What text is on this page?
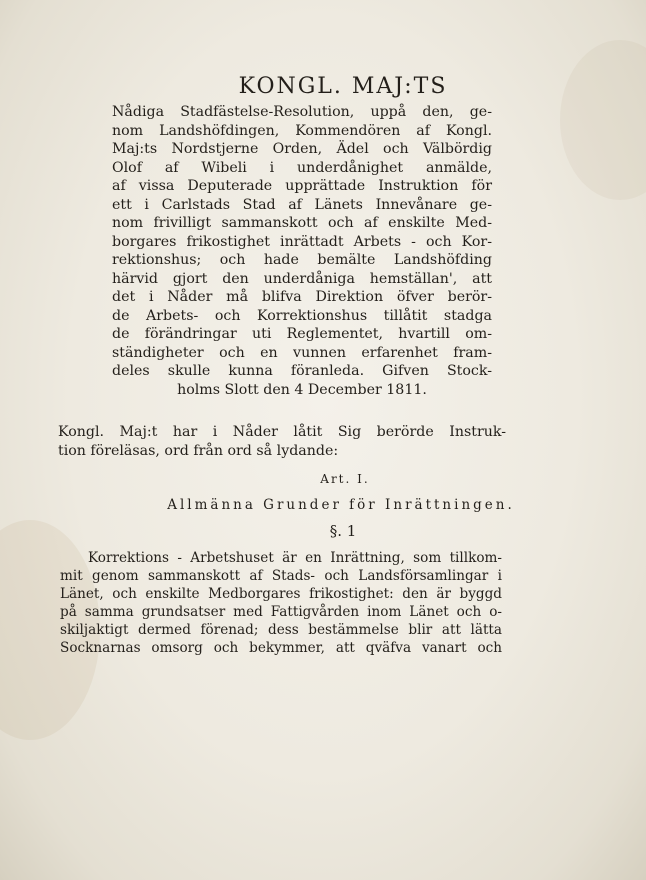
KONGL. MAJ:TS
Nådiga Stadfästelse-Resolution, uppå den, ge-
nom Landshöfdingen, Kommendören af Kongl.
Maj:ts Nordstjerne Orden, Ädel och Välbördig
Olof af Wibeli i underdånighet anmälde,
af vissa Deputerade upprättade Instruktion för
ett i Carlstads Stad af Länets Innevånare ge-
nom frivilligt sammanskott och af enskilte Med-
borgares frikostighet inrättadt Arbets - och Kor-
rektionshus; och hade bemälte Landshöfding
härvid gjort den underdåniga hemställan', att
det i Nåder må blifva Direktion öfver berör-
de Arbets- och Korrektionshus tillåtit stadga
de förändringar uti Reglementet, hvartill om-
ständigheter och en vunnen erfarenhet fram-
deles skulle kunna föranleda. Gifven Stock-
holms Slott den 4 December 1811.
Kongl. Maj:t har i Nåder låtit Sig berörde Instruk-
tion föreläsas, ord från ord så lydande:
Art. I.
Allmänna Grunder för Inrättningen.
§. 1
Korrektions - Arbetshuset är en Inrättning, som tillkom-
mit genom sammanskott af Stads- och Landsförsamlingar i
Länet, och enskilte Medborgares frikostighet: den är byggd
på samma grundsatser med Fattigvården inom Länet och o-
skiljaktigt dermed förenad; dess bestämmelse blir att lätta
Socknarnas omsorg och bekymmer, att qväfva vanart och
